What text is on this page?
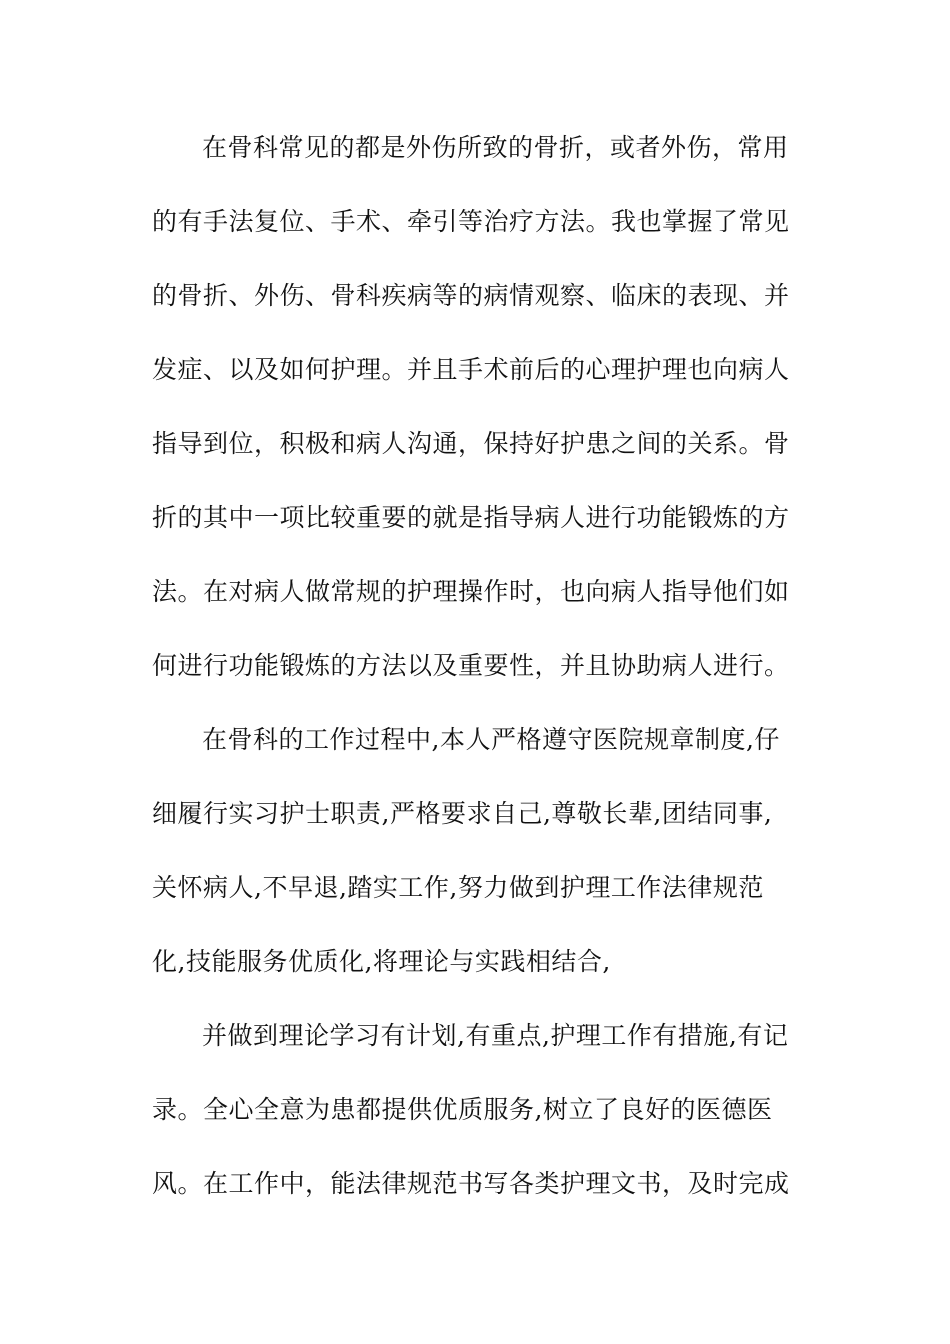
在骨科常见的都是外伤所致的骨折，或者外伤，常用
的有手法复位、手术、牵引等治疗方法。我也掌握了常见
的骨折、外伤、骨科疾病等的病情观察、临床的表现、并
发症、以及如何护理。并且手术前后的心理护理也向病人
指导到位，积极和病人沟通，保持好护患之间的关系。骨
折的其中一项比较重要的就是指导病人进行功能锻炼的方
法。在对病人做常规的护理操作时，也向病人指导他们如
何进行功能锻炼的方法以及重要性，并且协助病人进行。
在骨科的工作过程中,本人严格遵守医院规章制度,仔
细履行实习护士职责,严格要求自己,尊敬长辈,团结同事,
关怀病人,不早退,踏实工作,努力做到护理工作法律规范
化,技能服务优质化,将理论与实践相结合,
并做到理论学习有计划,有重点,护理工作有措施,有记
录。全心全意为患都提供优质服务,树立了良好的医德医
风。在工作中，能法律规范书写各类护理文书，及时完成
